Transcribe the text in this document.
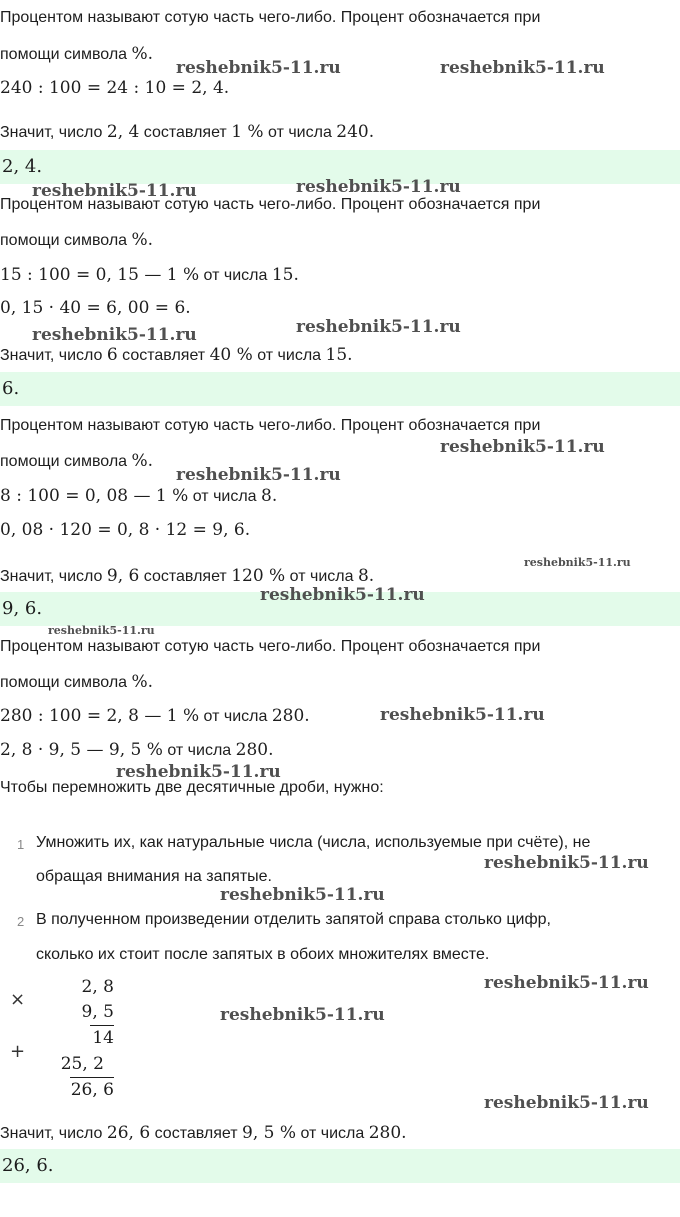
Процентом называют сотую часть чего-либо. Процент обозначается при
помощи символа %.
240 : 100 = 24 : 10 = 2, 4.
Значит, число 2, 4 составляет 1 % от числа 240.
2, 4.
Процентом называют сотую часть чего-либо. Процент обозначается при
помощи символа %.
15 : 100 = 0, 15 — 1 % от числа 15.
0, 15 · 40 = 6, 00 = 6.
Значит, число 6 составляет 40 % от числа 15.
6.
Процентом называют сотую часть чего-либо. Процент обозначается при
помощи символа %.
8 : 100 = 0, 08 — 1 % от числа 8.
0, 08 · 120 = 0, 8 · 12 = 9, 6.
Значит, число 9, 6 составляет 120 % от числа 8.
9, 6.
Процентом называют сотую часть чего-либо. Процент обозначается при
помощи символа %.
280 : 100 = 2, 8 — 1 % от числа 280.
2, 8 · 9, 5 — 9, 5 % от числа 280.
Чтобы перемножить две десятичные дроби, нужно:
1 Умножить их, как натуральные числа (числа, используемые при счёте), не
обращая внимания на запятые.
2 В полученном произведении отделить запятой справа столько цифр,
сколько их стоит после запятых в обоих множителях вместе.
×
2, 8
9, 5
14
+
25, 2
26, 6
Значит, число 26, 6 составляет 9, 5 % от числа 280.
26, 6.
reshebnik5-11.ru	reshebnik5-11.ru
reshebnik5-11.ru	reshebnik5-11.ru
reshebnik5-11.ru	reshebnik5-11.ru
reshebnik5-11.ru
reshebnik5-11.ru
reshebnik5-11.ru
reshebnik5-11.ru
reshebnik5-11.ru
reshebnik5-11.ru
reshebnik5-11.ru
reshebnik5-11.ru
reshebnik5-11.ru
reshebnik5-11.ru
reshebnik5-11.ru
reshebnik5-11.ru
